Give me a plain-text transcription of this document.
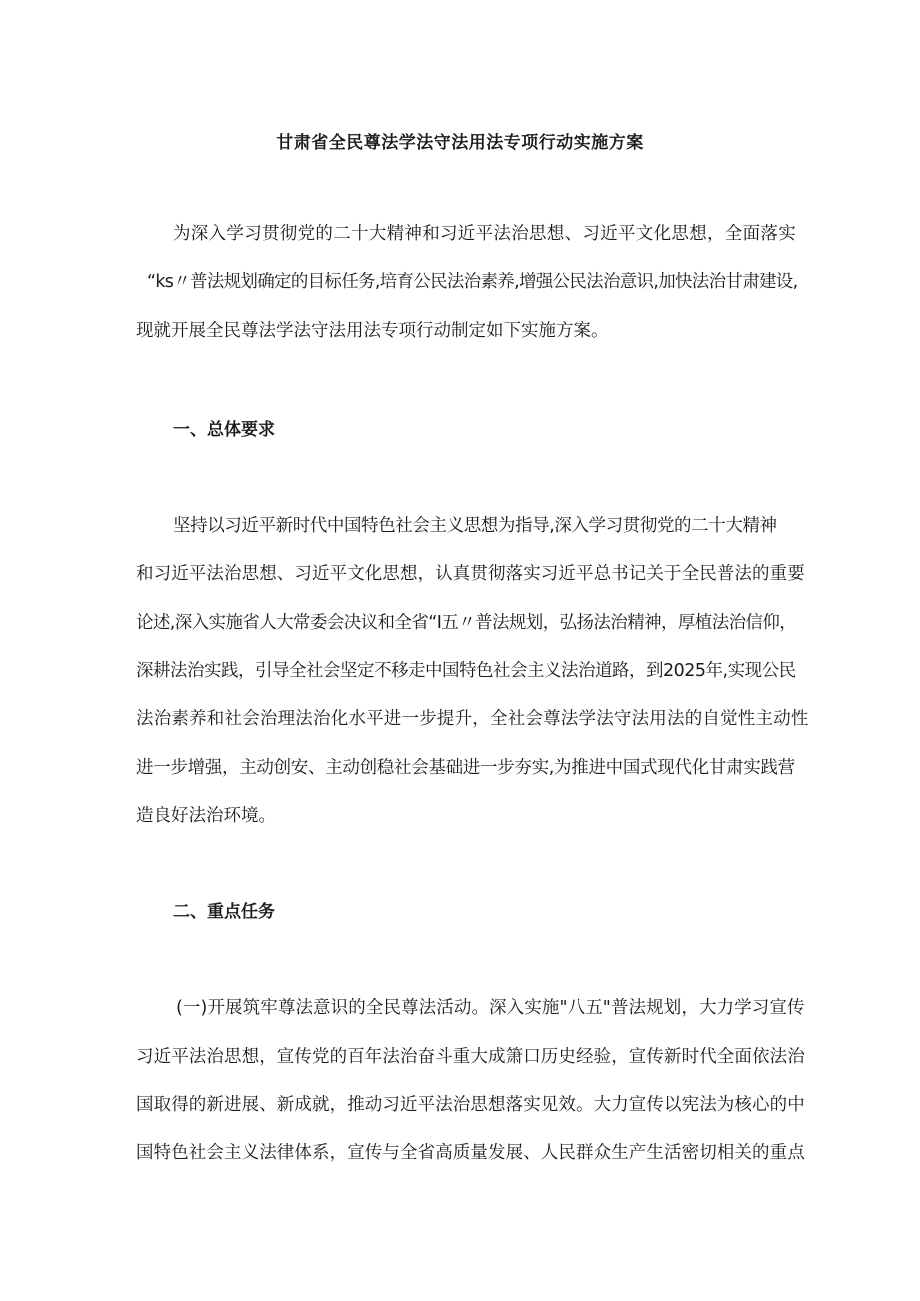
甘肃省全民尊法学法守法用法专项行动实施方案
为深入学习贯彻党的二十大精神和习近平法治思想、习近平文化思想，全面落实
“ks〃普法规划确定的目标任务,培育公民法治素养,增强公民法治意识,加快法治甘肃建设,
现就开展全民尊法学法守法用法专项行动制定如下实施方案。
一、总体要求
坚持以习近平新时代中国特色社会主义思想为指导,深入学习贯彻党的二十大精神
和习近平法治思想、习近平文化思想，认真贯彻落实习近平总书记关于全民普法的重要
论述,深入实施省人大常委会决议和全省“I五〃普法规划，弘扬法治精神，厚植法治信仰，
深耕法治实践，引导全社会坚定不移走中国特色社会主义法治道路，到2025年,实现公民
法治素养和社会治理法治化水平进一步提升，全社会尊法学法守法用法的自觉性主动性
进一步增强，主动创安、主动创稳社会基础进一步夯实,为推进中国式现代化甘肃实践营
造良好法治环境。
二、重点任务
(一)开展筑牢尊法意识的全民尊法活动。深入实施"八五"普法规划，大力学习宣传
习近平法治思想，宣传党的百年法治奋斗重大成箫口历史经验，宣传新时代全面依法治
国取得的新进展、新成就，推动习近平法治思想落实见效。大力宣传以宪法为核心的中
国特色社会主义法律体系，宣传与全省高质量发展、人民群众生产生活密切相关的重点
